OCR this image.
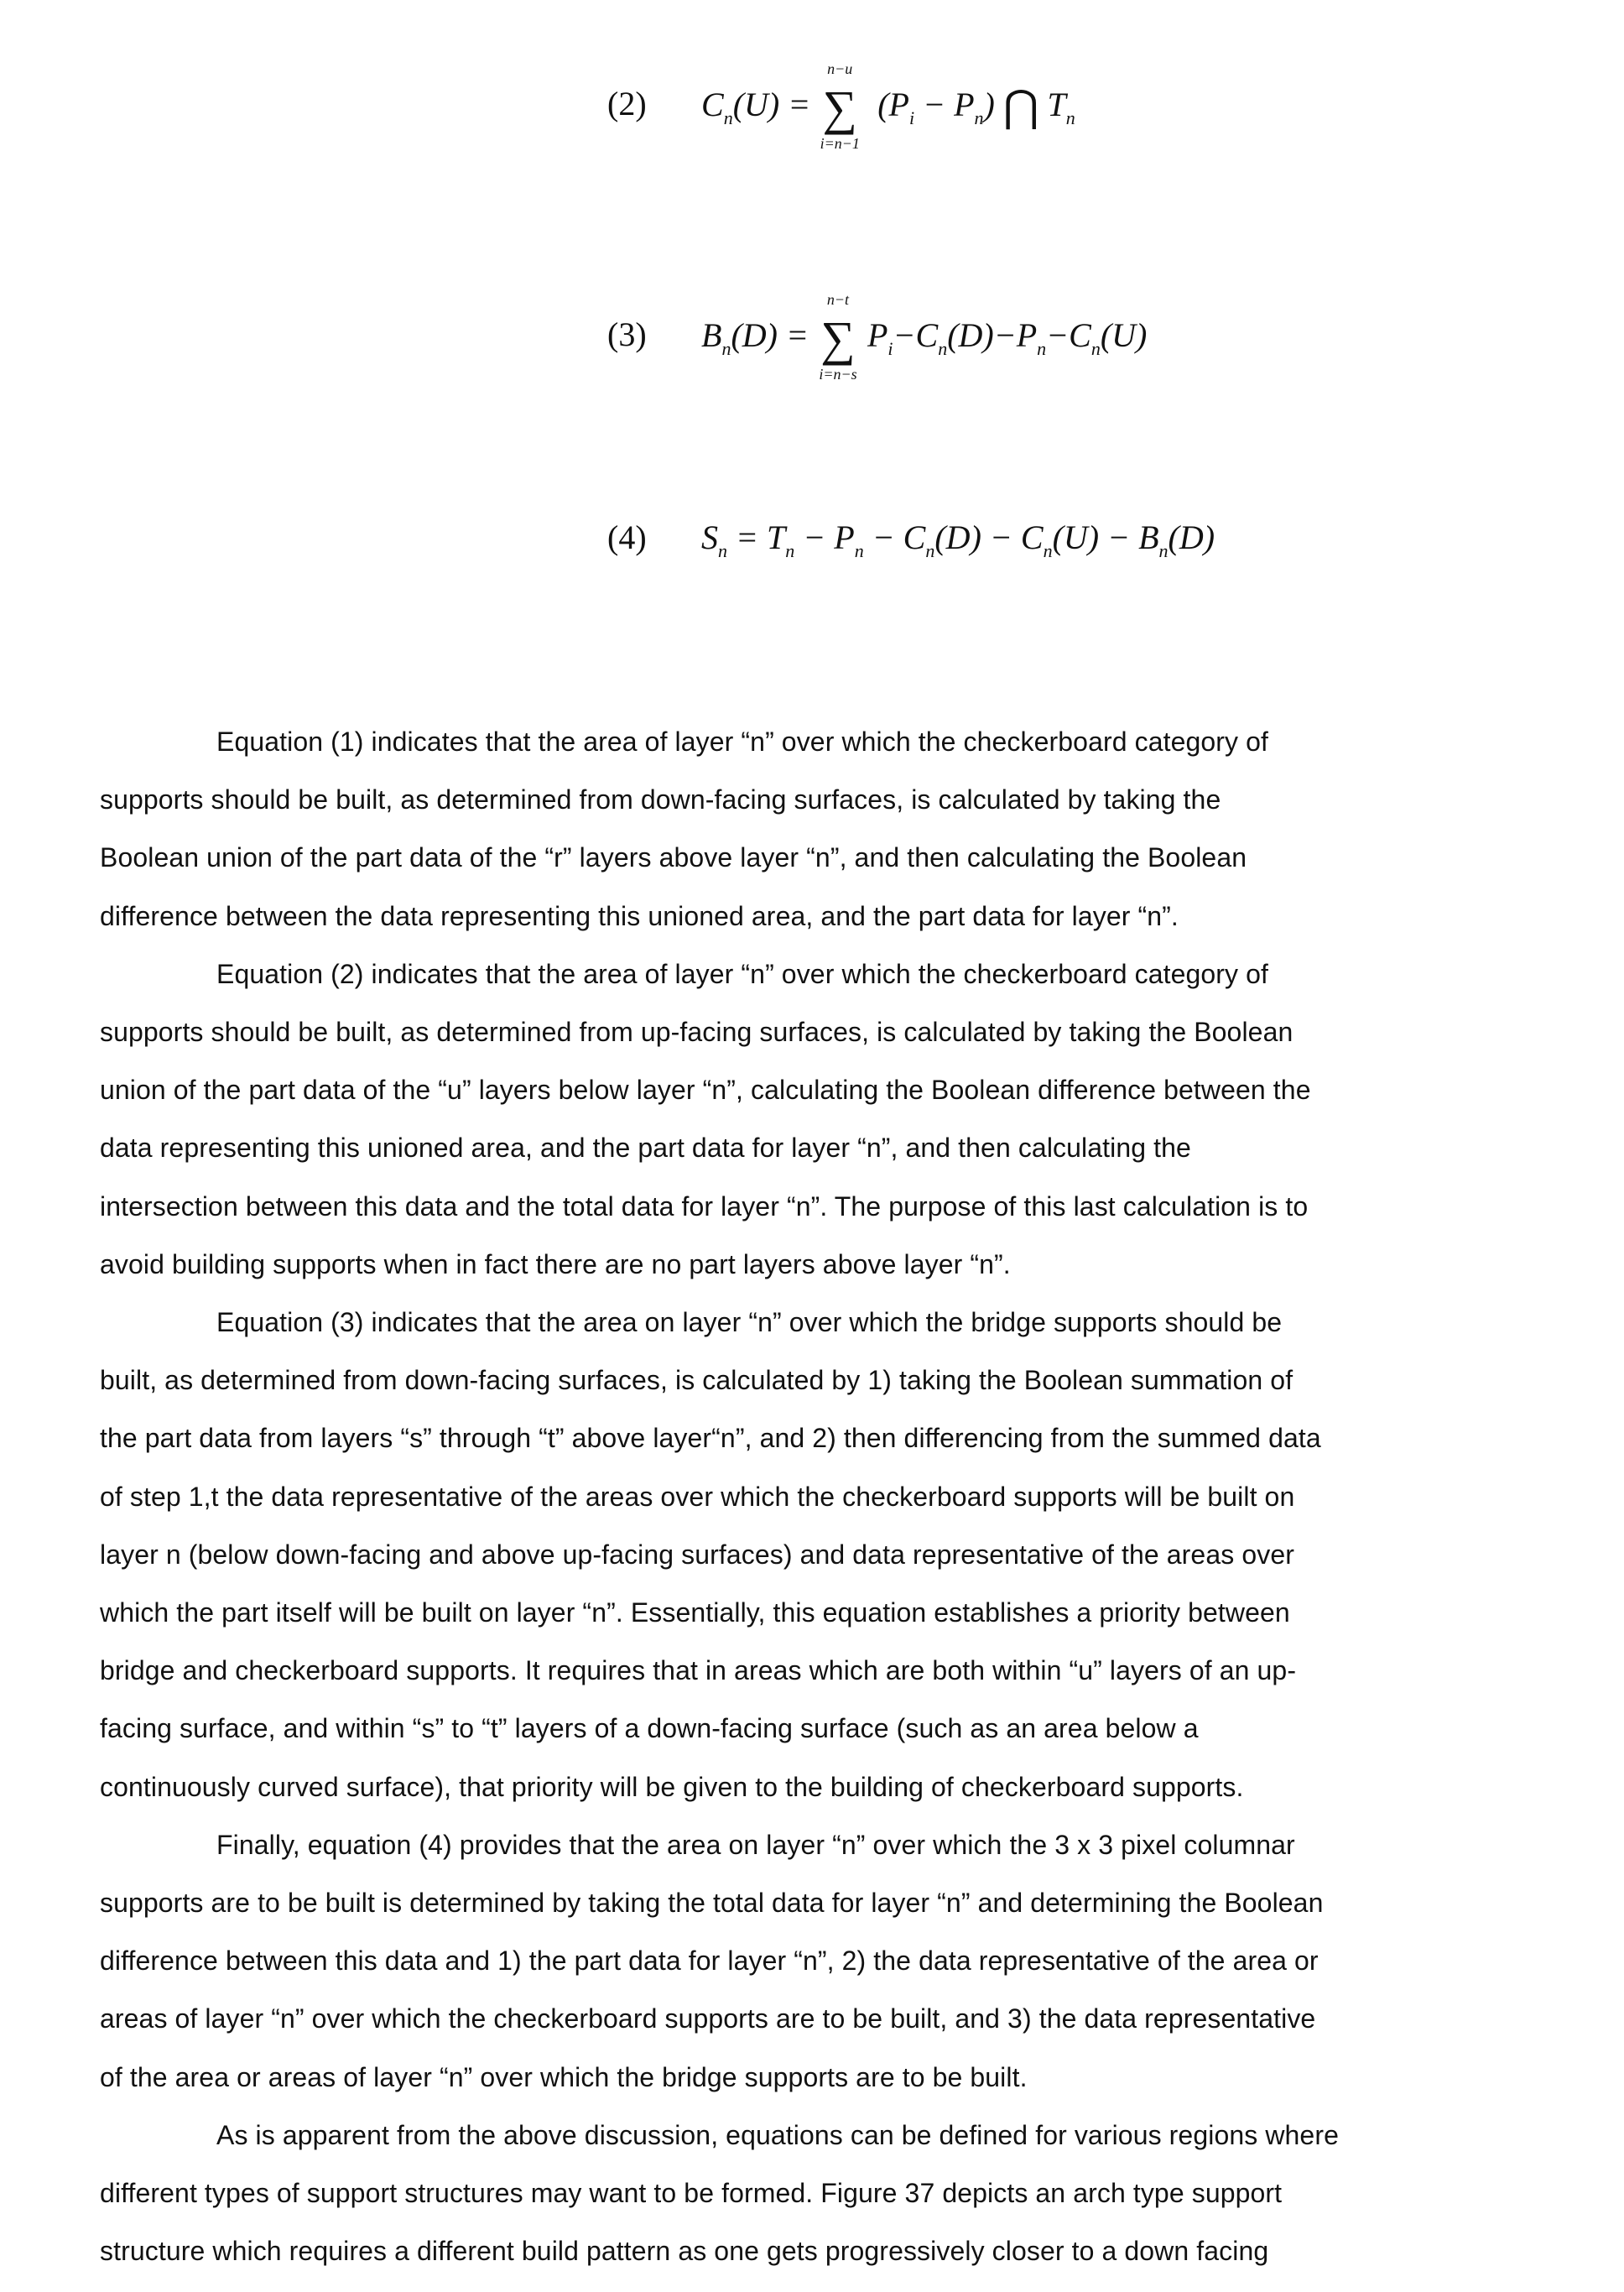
(2) Cn(U) =
n−u
∑
i=n−1
(Pi − Pn) ⋂ Tn
(3) Bn(D) =
n−t
∑
i=n−s
Pi−Cn(D)−Pn−Cn(U)
(4) Sn = Tn − Pn − Cn(D) − Cn(U) − Bn(D)
Equation (1) indicates that the area of layer “n” over which the checkerboard category of
supports should be built, as determined from down-facing surfaces, is calculated by taking the
Boolean union of the part data of the “r” layers above layer “n”, and then calculating the Boolean
difference between the data representing this unioned area, and the part data for layer “n”.
Equation (2) indicates that the area of layer “n” over which the checkerboard category of
supports should be built, as determined from up-facing surfaces, is calculated by taking the Boolean
union of the part data of the “u” layers below layer “n”, calculating the Boolean difference between the
data representing this unioned area, and the part data for layer “n”, and then calculating the
intersection between this data and the total data for layer “n”. The purpose of this last calculation is to
avoid building supports when in fact there are no part layers above layer “n”.
Equation (3) indicates that the area on layer “n” over which the bridge supports should be
built, as determined from down-facing surfaces, is calculated by 1) taking the Boolean summation of
the part data from layers “s” through “t” above layer“n”, and 2) then differencing from the summed data
of step 1,t the data representative of the areas over which the checkerboard supports will be built on
layer n (below down-facing and above up-facing surfaces) and data representative of the areas over
which the part itself will be built on layer “n”. Essentially, this equation establishes a priority between
bridge and checkerboard supports. It requires that in areas which are both within “u” layers of an up-
facing surface, and within “s” to “t” layers of a down-facing surface (such as an area below a
continuously curved surface), that priority will be given to the building of checkerboard supports.
Finally, equation (4) provides that the area on layer “n” over which the 3 x 3 pixel columnar
supports are to be built is determined by taking the total data for layer “n” and determining the Boolean
difference between this data and 1) the part data for layer “n”, 2) the data representative of the area or
areas of layer “n” over which the checkerboard supports are to be built, and 3) the data representative
of the area or areas of layer “n” over which the bridge supports are to be built.
As is apparent from the above discussion, equations can be defined for various regions where
different types of support structures may want to be formed. Figure 37 depicts an arch type support
structure which requires a different build pattern as one gets progressively closer to a down facing
